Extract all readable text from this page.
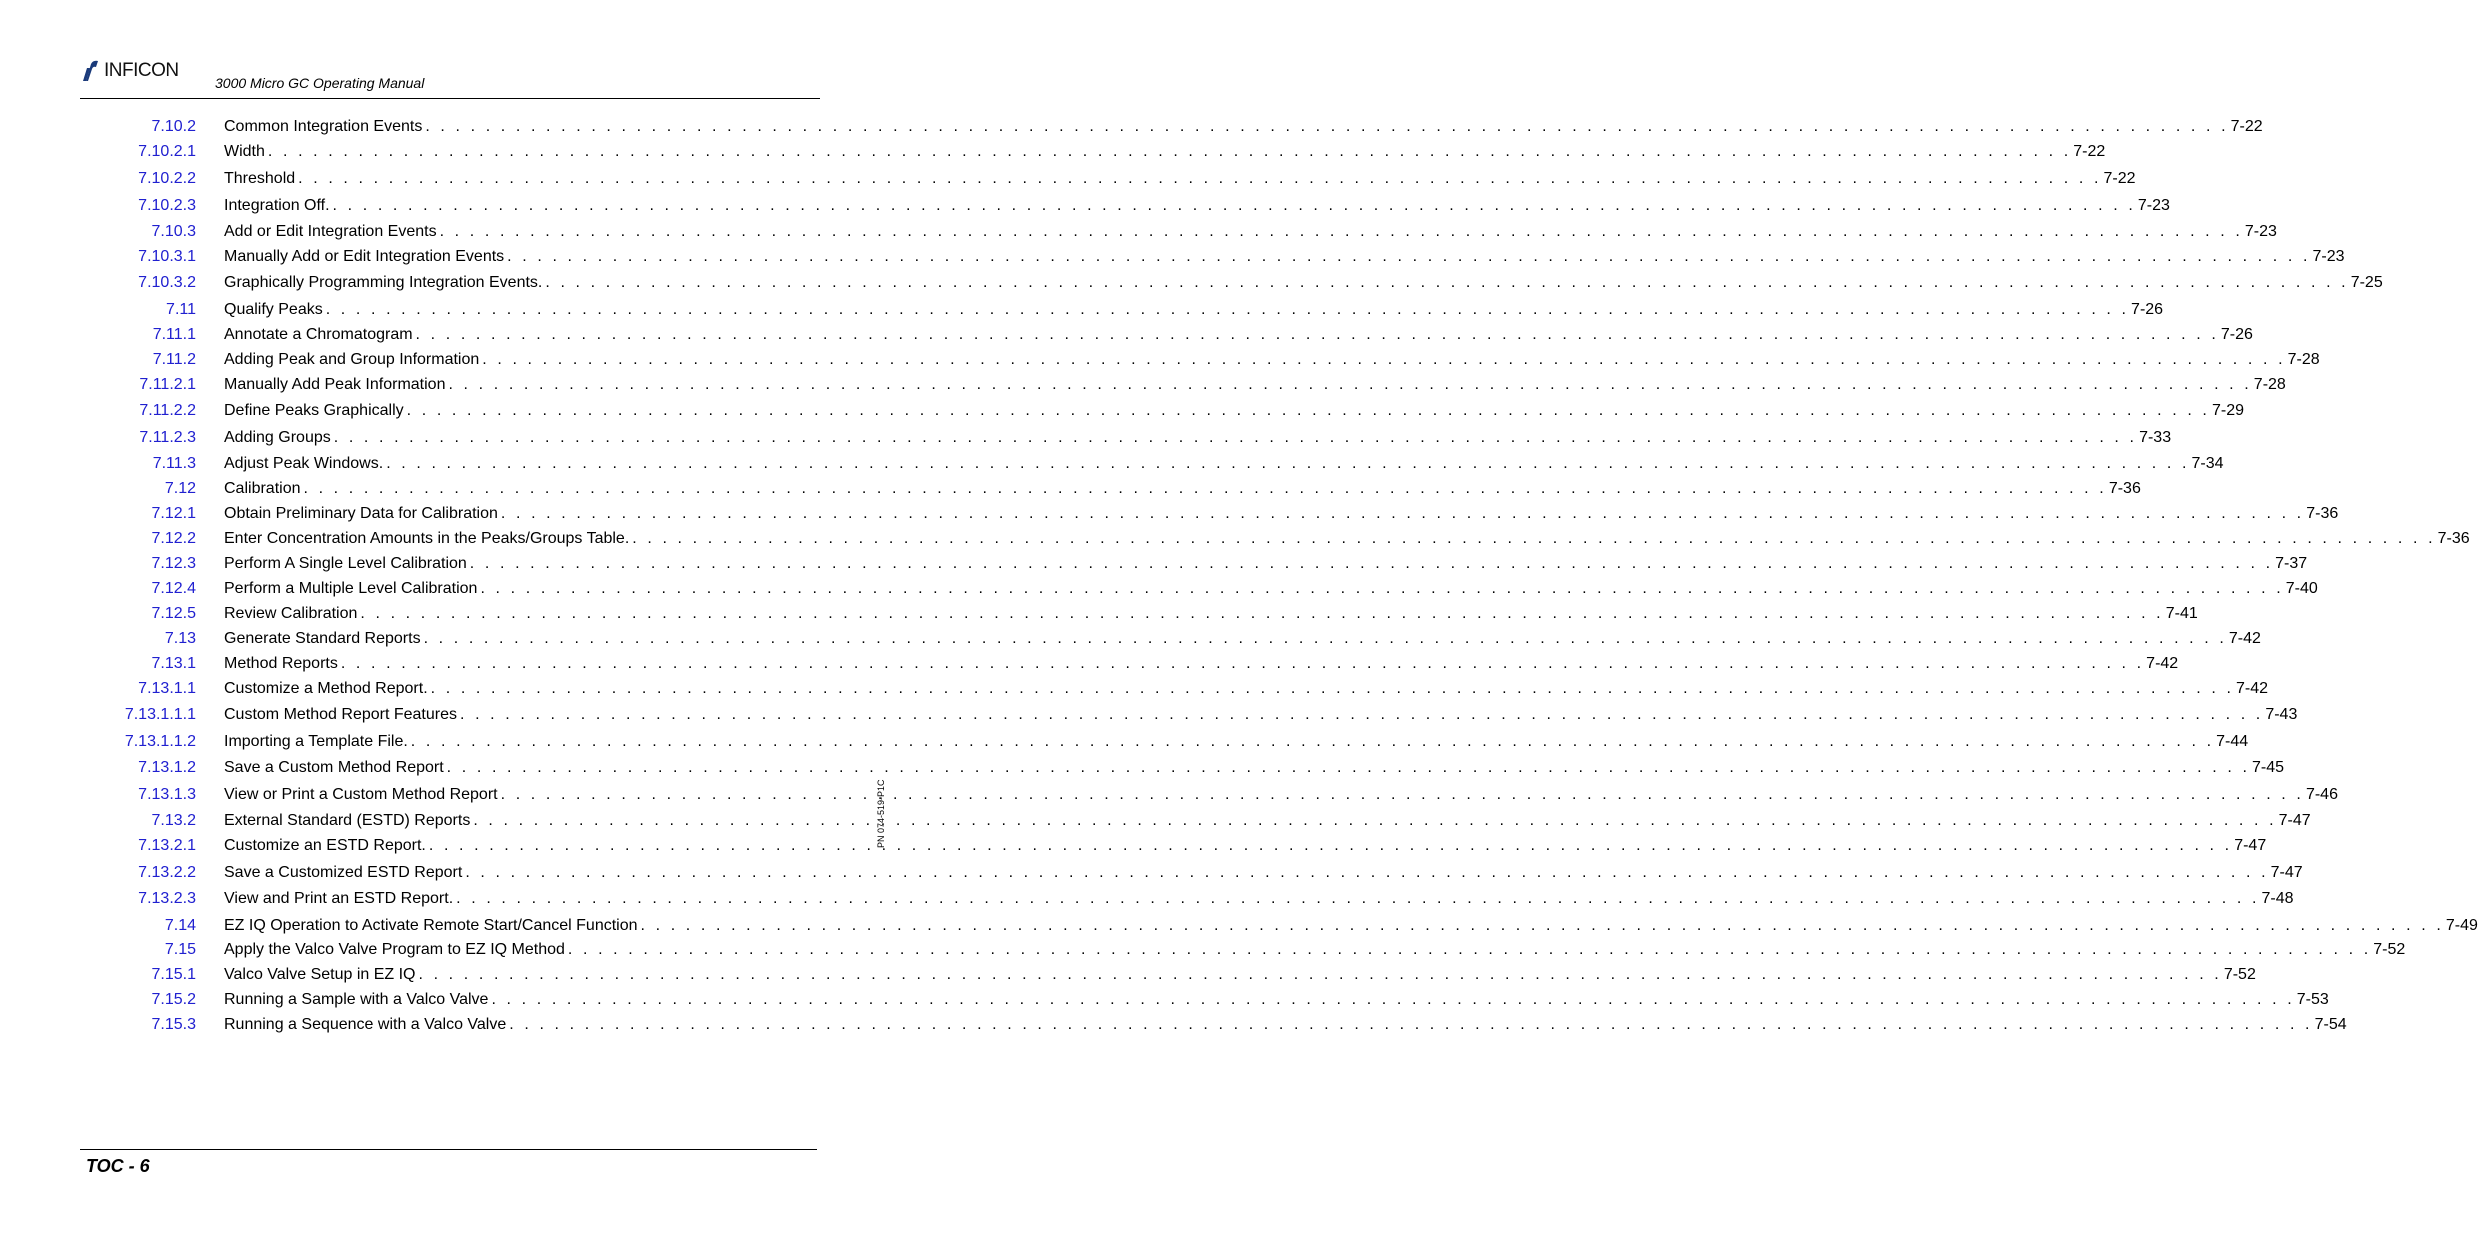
INFICON
3000 Micro GC Operating Manual
7.10.2 Common Integration Events . . . . . . . . . . . . . . . . . . . . . . . . . . . . . . . . . . . . . . . . . . . . . . . . . . . . . . . . . . . . . . . . . . . . . . . . . . . . . . . . . . . . . . . . . . . . . . . . . . . . . . . . . . . . . . . . . . . . . . . . 7-22
7.10.2.1 Width . . . . . . . . . . . . . . . . . . . . . . . . . . . . . . . . . . . . . . . . . . . . . . . . . . . . . . . . . . . . . . . . . . . . . . . . . . . . . . . . . . . . . . . . . . . . . . . . . . . . . . . . . . . . . . . . . . . . . . . . 7-22
7.10.2.2 Threshold . . . . . . . . . . . . . . . . . . . . . . . . . . . . . . . . . . . . . . . . . . . . . . . . . . . . . . . . . . . . . . . . . . . . . . . . . . . . . . . . . . . . . . . . . . . . . . . . . . . . . . . . . . . . . . . . . . . . . . . . 7-22
7.10.2.3 Integration Off. . . . . . . . . . . . . . . . . . . . . . . . . . . . . . . . . . . . . . . . . . . . . . . . . . . . . . . . . . . . . . . . . . . . . . . . . . . . . . . . . . . . . . . . . . . . . . . . . . . . . . . . . . . . . . . . . . . . . . . . . 7-23
7.10.3 Add or Edit Integration Events . . . . . . . . . . . . . . . . . . . . . . . . . . . . . . . . . . . . . . . . . . . . . . . . . . . . . . . . . . . . . . . . . . . . . . . . . . . . . . . . . . . . . . . . . . . . . . . . . . . . . . . . . . . . . . . . . . . . . . . . 7-23
7.10.3.1 Manually Add or Edit Integration Events . . . . . . . . . . . . . . . . . . . . . . . . . . . . . . . . . . . . . . . . . . . . . . . . . . . . . . . . . . . . . . . . . . . . . . . . . . . . . . . . . . . . . . . . . . . . . . . . . . . . . . . . . . . . . . . . . . . . . . . . 7-23
7.10.3.2 Graphically Programming Integration Events. . . . . . . . . . . . . . . . . . . . . . . . . . . . . . . . . . . . . . . . . . . . . . . . . . . . . . . . . . . . . . . . . . . . . . . . . . . . . . . . . . . . . . . . . . . . . . . . . . . . . . . . . . . . . . . . . . . . . . . . . 7-25
7.11 Qualify Peaks . . . . . . . . . . . . . . . . . . . . . . . . . . . . . . . . . . . . . . . . . . . . . . . . . . . . . . . . . . . . . . . . . . . . . . . . . . . . . . . . . . . . . . . . . . . . . . . . . . . . . . . . . . . . . . . . . . . . . . . . 7-26
7.11.1 Annotate a Chromatogram . . . . . . . . . . . . . . . . . . . . . . . . . . . . . . . . . . . . . . . . . . . . . . . . . . . . . . . . . . . . . . . . . . . . . . . . . . . . . . . . . . . . . . . . . . . . . . . . . . . . . . . . . . . . . . . . . . . . . . . . 7-26
7.11.2 Adding Peak and Group Information . . . . . . . . . . . . . . . . . . . . . . . . . . . . . . . . . . . . . . . . . . . . . . . . . . . . . . . . . . . . . . . . . . . . . . . . . . . . . . . . . . . . . . . . . . . . . . . . . . . . . . . . . . . . . . . . . . . . . . . . 7-28
7.11.2.1 Manually Add Peak Information . . . . . . . . . . . . . . . . . . . . . . . . . . . . . . . . . . . . . . . . . . . . . . . . . . . . . . . . . . . . . . . . . . . . . . . . . . . . . . . . . . . . . . . . . . . . . . . . . . . . . . . . . . . . . . . . . . . . . . . . 7-28
7.11.2.2 Define Peaks Graphically . . . . . . . . . . . . . . . . . . . . . . . . . . . . . . . . . . . . . . . . . . . . . . . . . . . . . . . . . . . . . . . . . . . . . . . . . . . . . . . . . . . . . . . . . . . . . . . . . . . . . . . . . . . . . . . . . . . . . . . . 7-29
7.11.2.3 Adding Groups . . . . . . . . . . . . . . . . . . . . . . . . . . . . . . . . . . . . . . . . . . . . . . . . . . . . . . . . . . . . . . . . . . . . . . . . . . . . . . . . . . . . . . . . . . . . . . . . . . . . . . . . . . . . . . . . . . . . . . . . 7-33
7.11.3 Adjust Peak Windows. . . . . . . . . . . . . . . . . . . . . . . . . . . . . . . . . . . . . . . . . . . . . . . . . . . . . . . . . . . . . . . . . . . . . . . . . . . . . . . . . . . . . . . . . . . . . . . . . . . . . . . . . . . . . . . . . . . . . . . . . 7-34
7.12 Calibration . . . . . . . . . . . . . . . . . . . . . . . . . . . . . . . . . . . . . . . . . . . . . . . . . . . . . . . . . . . . . . . . . . . . . . . . . . . . . . . . . . . . . . . . . . . . . . . . . . . . . . . . . . . . . . . . . . . . . . . . 7-36
7.12.1 Obtain Preliminary Data for Calibration . . . . . . . . . . . . . . . . . . . . . . . . . . . . . . . . . . . . . . . . . . . . . . . . . . . . . . . . . . . . . . . . . . . . . . . . . . . . . . . . . . . . . . . . . . . . . . . . . . . . . . . . . . . . . . . . . . . . . . . . 7-36
7.12.2 Enter Concentration Amounts in the Peaks/Groups Table. . . . . . . . . . . . . . . . . . . . . . . . . . . . . . . . . . . . . . . . . . . . . . . . . . . . . . . . . . . . . . . . . . . . . . . . . . . . . . . . . . . . . . . . . . . . . . . . . . . . . . . . . . . . . . . . . . . . . . . . . 7-36
7.12.3 Perform A Single Level Calibration . . . . . . . . . . . . . . . . . . . . . . . . . . . . . . . . . . . . . . . . . . . . . . . . . . . . . . . . . . . . . . . . . . . . . . . . . . . . . . . . . . . . . . . . . . . . . . . . . . . . . . . . . . . . . . . . . . . . . . . . 7-37
7.12.4 Perform a Multiple Level Calibration . . . . . . . . . . . . . . . . . . . . . . . . . . . . . . . . . . . . . . . . . . . . . . . . . . . . . . . . . . . . . . . . . . . . . . . . . . . . . . . . . . . . . . . . . . . . . . . . . . . . . . . . . . . . . . . . . . . . . . . . 7-40
7.12.5 Review Calibration . . . . . . . . . . . . . . . . . . . . . . . . . . . . . . . . . . . . . . . . . . . . . . . . . . . . . . . . . . . . . . . . . . . . . . . . . . . . . . . . . . . . . . . . . . . . . . . . . . . . . . . . . . . . . . . . . . . . . . . . 7-41
7.13 Generate Standard Reports . . . . . . . . . . . . . . . . . . . . . . . . . . . . . . . . . . . . . . . . . . . . . . . . . . . . . . . . . . . . . . . . . . . . . . . . . . . . . . . . . . . . . . . . . . . . . . . . . . . . . . . . . . . . . . . . . . . . . . . . 7-42
7.13.1 Method Reports . . . . . . . . . . . . . . . . . . . . . . . . . . . . . . . . . . . . . . . . . . . . . . . . . . . . . . . . . . . . . . . . . . . . . . . . . . . . . . . . . . . . . . . . . . . . . . . . . . . . . . . . . . . . . . . . . . . . . . . . 7-42
7.13.1.1 Customize a Method Report. . . . . . . . . . . . . . . . . . . . . . . . . . . . . . . . . . . . . . . . . . . . . . . . . . . . . . . . . . . . . . . . . . . . . . . . . . . . . . . . . . . . . . . . . . . . . . . . . . . . . . . . . . . . . . . . . . . . . . . . . 7-42
7.13.1.1.1 Custom Method Report Features . . . . . . . . . . . . . . . . . . . . . . . . . . . . . . . . . . . . . . . . . . . . . . . . . . . . . . . . . . . . . . . . . . . . . . . . . . . . . . . . . . . . . . . . . . . . . . . . . . . . . . . . . . . . . . . . . . . . . . . . 7-43
7.13.1.1.2 Importing a Template File. . . . . . . . . . . . . . . . . . . . . . . . . . . . . . . . . . . . . . . . . . . . . . . . . . . . . . . . . . . . . . . . . . . . . . . . . . . . . . . . . . . . . . . . . . . . . . . . . . . . . . . . . . . . . . . . . . . . . . . . . 7-44
7.13.1.2 Save a Custom Method Report . . . . . . . . . . . . . . . . . . . . . . . . . . . . . . . . . . . . . . . . . . . . . . . . . . . . . . . . . . . . . . . . . . . . . . . . . . . . . . . . . . . . . . . . . . . . . . . . . . . . . . . . . . . . . . . . . . . . . . . . 7-45
7.13.1.3 View or Print a Custom Method Report . . . . . . . . . . . . . . . . . . . . . . . . . . . . . . . . . . . . . . . . . . . . . . . . . . . . . . . . . . . . . . . . . . . . . . . . . . . . . . . . . . . . . . . . . . . . . . . . . . . . . . . . . . . . . . . . . . . . . . . . 7-46
7.13.2 External Standard (ESTD) Reports . . . . . . . . . . . . . . . . . . . . . . . . . . . . . . . . . . . . . . . . . . . . . . . . . . . . . . . . . . . . . . . . . . . . . . . . . . . . . . . . . . . . . . . . . . . . . . . . . . . . . . . . . . . . . . . . . . . . . . . . 7-47
7.13.2.1 Customize an ESTD Report. . . . . . . . . . . . . . . . . . . . . . . . . . . . . . . . . . . . . . . . . . . . . . . . . . . . . . . . . . . . . . . . . . . . . . . . . . . . . . . . . . . . . . . . . . . . . . . . . . . . . . . . . . . . . . . . . . . . . . . . . 7-47
7.13.2.2 Save a Customized ESTD Report . . . . . . . . . . . . . . . . . . . . . . . . . . . . . . . . . . . . . . . . . . . . . . . . . . . . . . . . . . . . . . . . . . . . . . . . . . . . . . . . . . . . . . . . . . . . . . . . . . . . . . . . . . . . . . . . . . . . . . . . 7-47
7.13.2.3 View and Print an ESTD Report. . . . . . . . . . . . . . . . . . . . . . . . . . . . . . . . . . . . . . . . . . . . . . . . . . . . . . . . . . . . . . . . . . . . . . . . . . . . . . . . . . . . . . . . . . . . . . . . . . . . . . . . . . . . . . . . . . . . . . . . . 7-48
7.14 EZ IQ Operation to Activate Remote Start/Cancel Function . . . . . . . . . . . . . . . . . . . . . . . . . . . . . . . . . . . . . . . . . . . . . . . . . . . . . . . . . . . . . . . . . . . . . . . . . . . . . . . . . . . . . . . . . . . . . . . . . . . . . . . . . . . . . . . . . . . . . . . . 7-49
7.15 Apply the Valco Valve Program to EZ IQ Method . . . . . . . . . . . . . . . . . . . . . . . . . . . . . . . . . . . . . . . . . . . . . . . . . . . . . . . . . . . . . . . . . . . . . . . . . . . . . . . . . . . . . . . . . . . . . . . . . . . . . . . . . . . . . . . . . . . . . . . . 7-52
7.15.1 Valco Valve Setup in EZ IQ . . . . . . . . . . . . . . . . . . . . . . . . . . . . . . . . . . . . . . . . . . . . . . . . . . . . . . . . . . . . . . . . . . . . . . . . . . . . . . . . . . . . . . . . . . . . . . . . . . . . . . . . . . . . . . . . . . . . . . . . 7-52
7.15.2 Running a Sample with a Valco Valve . . . . . . . . . . . . . . . . . . . . . . . . . . . . . . . . . . . . . . . . . . . . . . . . . . . . . . . . . . . . . . . . . . . . . . . . . . . . . . . . . . . . . . . . . . . . . . . . . . . . . . . . . . . . . . . . . . . . . . . . 7-53
7.15.3 Running a Sequence with a Valco Valve . . . . . . . . . . . . . . . . . . . . . . . . . . . . . . . . . . . . . . . . . . . . . . . . . . . . . . . . . . . . . . . . . . . . . . . . . . . . . . . . . . . . . . . . . . . . . . . . . . . . . . . . . . . . . . . . . . . . . . . . 7-54
PN 074-519-P1C
TOC - 6
